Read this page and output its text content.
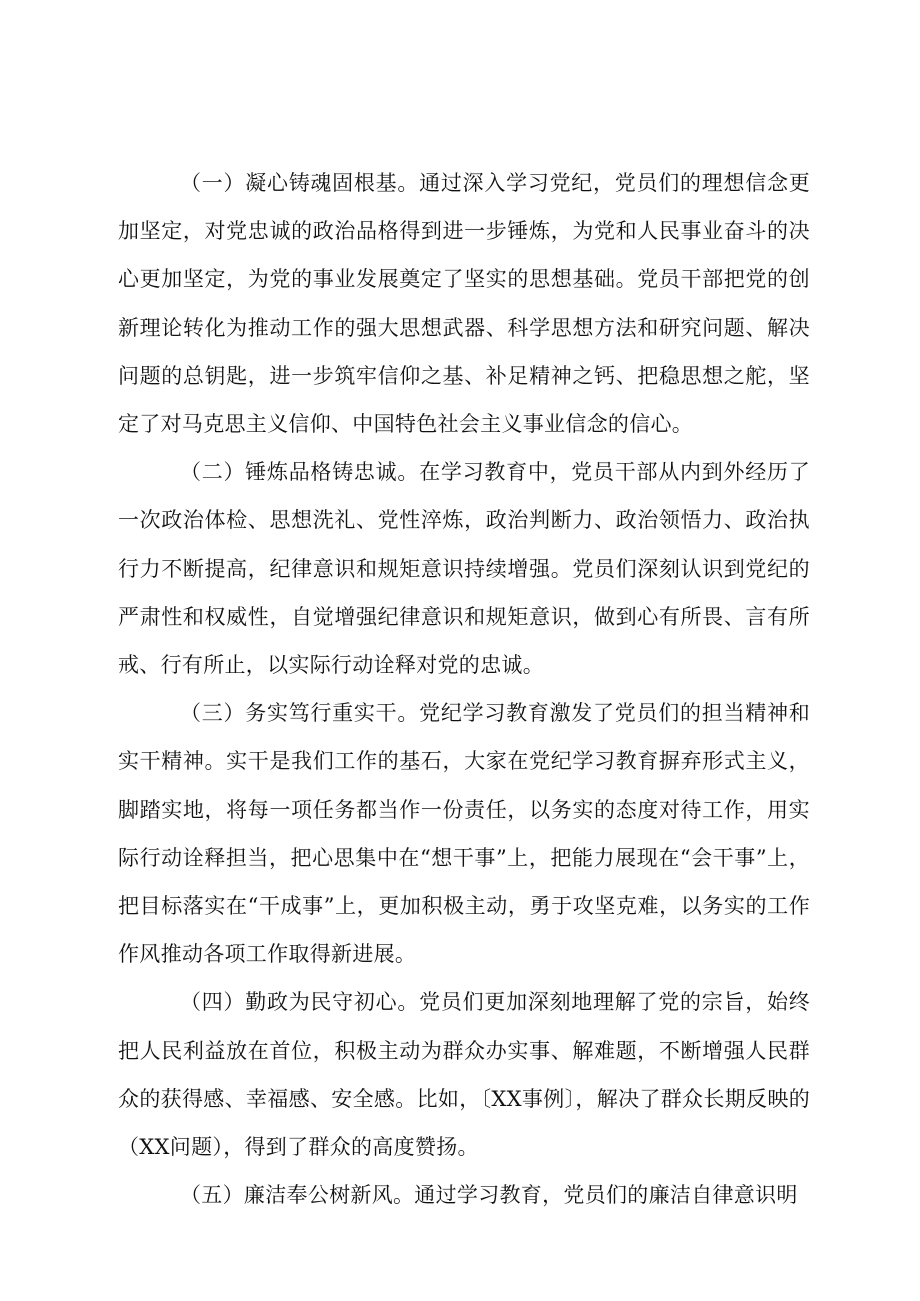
（一）凝心铸魂固根基。通过深入学习党纪，党员们的理想信念更加坚定，对党忠诚的政治品格得到进一步锤炼，为党和人民事业奋斗的决心更加坚定，为党的事业发展奠定了坚实的思想基础。党员干部把党的创新理论转化为推动工作的强大思想武器、科学思想方法和研究问题、解决问题的总钥匙，进一步筑牢信仰之基、补足精神之钙、把稳思想之舵，坚定了对马克思主义信仰、中国特色社会主义事业信念的信心。

（二）锤炼品格铸忠诚。在学习教育中，党员干部从内到外经历了一次政治体检、思想洗礼、党性淬炼，政治判断力、政治领悟力、政治执行力不断提高，纪律意识和规矩意识持续增强。党员们深刻认识到党纪的严肃性和权威性，自觉增强纪律意识和规矩意识，做到心有所畏、言有所戒、行有所止，以实际行动诠释对党的忠诚。

（三）务实笃行重实干。党纪学习教育激发了党员们的担当精神和实干精神。实干是我们工作的基石，大家在党纪学习教育摒弃形式主义，脚踏实地，将每一项任务都当作一份责任，以务实的态度对待工作，用实际行动诠释担当，把心思集中在“想干事”上，把能力展现在“会干事”上，把目标落实在“干成事”上，更加积极主动，勇于攻坚克难，以务实的工作作风推动各项工作取得新进展。

（四）勤政为民守初心。党员们更加深刻地理解了党的宗旨，始终把人民利益放在首位，积极主动为群众办实事、解难题，不断增强人民群众的获得感、幸福感、安全感。比如，〔XX事例〕，解决了群众长期反映的（XX问题），得到了群众的高度赞扬。

（五）廉洁奉公树新风。通过学习教育，党员们的廉洁自律意识明
